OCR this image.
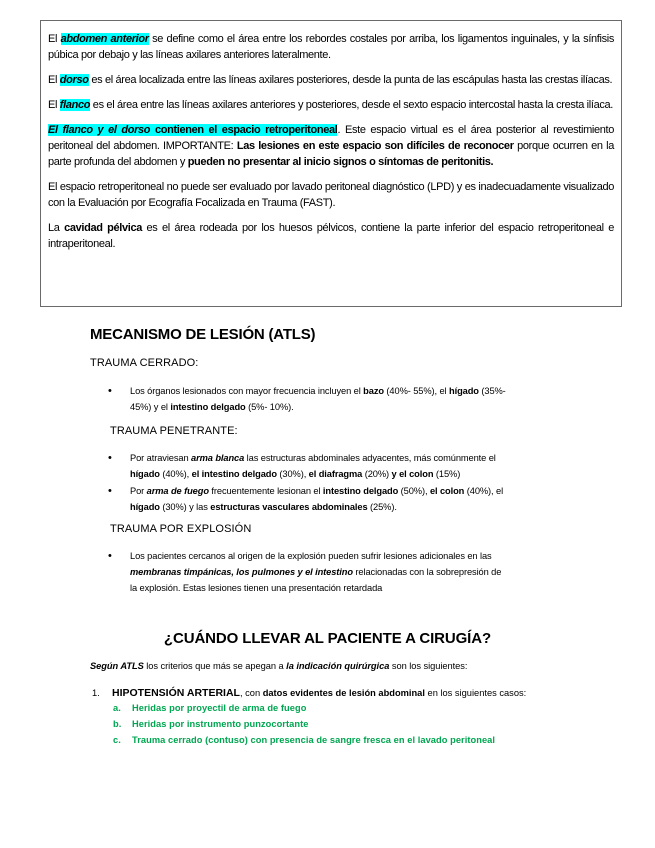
El abdomen anterior se define como el área entre los rebordes costales por arriba, los ligamentos inguinales, y la sínfisis púbica por debajo y las líneas axilares anteriores lateralmente.

El dorso es el área localizada entre las líneas axilares posteriores, desde la punta de las escápulas hasta las crestas ilíacas.

El flanco es el área entre las líneas axilares anteriores y posteriores, desde el sexto espacio intercostal hasta la cresta ilíaca.

El flanco y el dorso contienen el espacio retroperitoneal. Este espacio virtual es el área posterior al revestimiento peritoneal del abdomen. IMPORTANTE: Las lesiones en este espacio son difíciles de reconocer porque ocurren en la parte profunda del abdomen y pueden no presentar al inicio signos o síntomas de peritonitis.

El espacio retroperitoneal no puede ser evaluado por lavado peritoneal diagnóstico (LPD) y es inadecuadamente visualizado con la Evaluación por Ecografía Focalizada en Trauma (FAST).

La cavidad pélvica es el área rodeada por los huesos pélvicos, contiene la parte inferior del espacio retroperitoneal e intraperitoneal.

MECANISMO DE LESIÓN (ATLS)

TRAUMA CERRADO:

• Los órganos lesionados con mayor frecuencia incluyen el bazo (40%- 55%), el hígado (35%-
45%) y el intestino delgado (5%- 10%).

TRAUMA PENETRANTE:

• Por atraviesan arma blanca las estructuras abdominales adyacentes, más comúnmente el
hígado (40%), el intestino delgado (30%), el diafragma (20%) y el colon (15%)
• Por arma de fuego frecuentemente lesionan el intestino delgado (50%), el colon (40%), el
hígado (30%) y las estructuras vasculares abdominales (25%).

TRAUMA POR EXPLOSIÓN

• Los pacientes cercanos al origen de la explosión pueden sufrir lesiones adicionales en las
membranas timpánicas, los pulmones y el intestino relacionadas con la sobrepresión de
la explosión. Estas lesiones tienen una presentación retardada
¿CUÁNDO LLEVAR AL PACIENTE A CIRUGÍA?

Según ATLS los criterios que más se apegan a la indicación quirúrgica son los siguientes:

1. HIPOTENSIÓN ARTERIAL, con datos evidentes de lesión abdominal en los siguientes casos:

a. Heridas por proyectil de arma de fuego

b. Heridas por instrumento punzocortante

c. Trauma cerrado (contuso) con presencia de sangre fresca en el lavado peritoneal
